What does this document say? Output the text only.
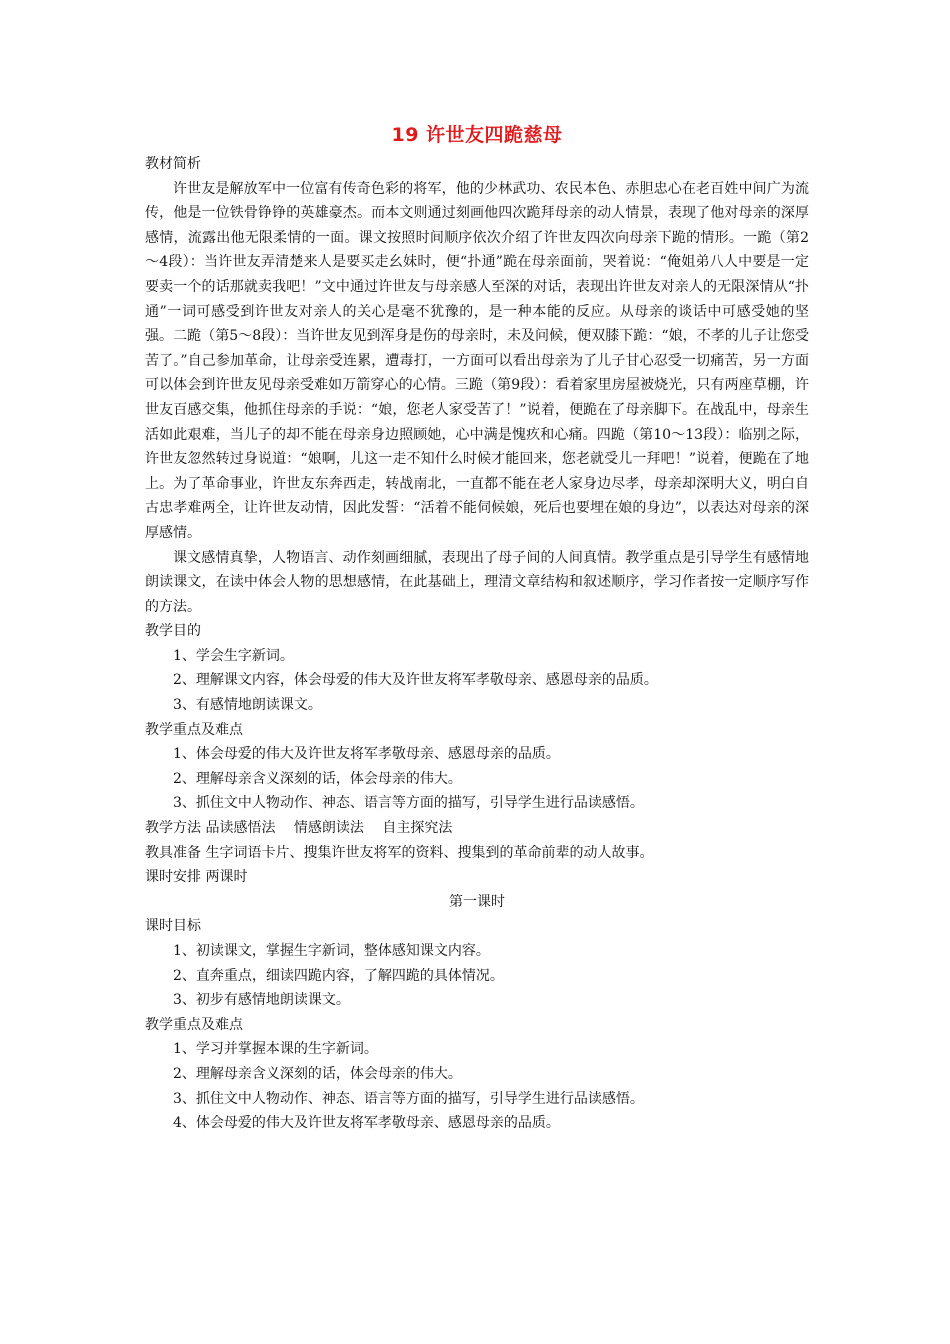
19 许世友四跪慈母

教材简析

许世友是解放军中一位富有传奇色彩的将军，他的少林武功、农民本色、赤胆忠心在老百姓中间广为流传，他是一位铁骨铮铮的英雄豪杰。而本文则通过刻画他四次跪拜母亲的动人情景，表现了他对母亲的深厚感情，流露出他无限柔情的一面。课文按照时间顺序依次介绍了许世友四次向母亲下跪的情形。一跪（第2～4段）：当许世友弄清楚来人是要买走幺妹时，便“扑通”跪在母亲面前，哭着说：“俺姐弟八人中要是一定要卖一个的话那就卖我吧！”文中通过许世友与母亲感人至深的对话，表现出许世友对亲人的无限深情从“扑通”一词可感受到许世友对亲人的关心是毫不犹豫的，是一种本能的反应。从母亲的谈话中可感受她的坚强。二跪（第5～8段）：当许世友见到浑身是伤的母亲时，未及问候，便双膝下跪：“娘，不孝的儿子让您受苦了。”自己参加革命，让母亲受连累，遭毒打，一方面可以看出母亲为了儿子甘心忍受一切痛苦，另一方面可以体会到许世友见母亲受难如万箭穿心的心情。三跪（第9段）：看着家里房屋被烧光，只有两座草棚，许世友百感交集，他抓住母亲的手说：“娘，您老人家受苦了！”说着，便跪在了母亲脚下。在战乱中，母亲生活如此艰难，当儿子的却不能在母亲身边照顾她，心中满是愧疚和心痛。四跪（第10～13段）：临别之际，许世友忽然转过身说道：“娘啊，儿这一走不知什么时候才能回来，您老就受儿一拜吧！”说着，便跪在了地上。为了革命事业，许世友东奔西走，转战南北，一直都不能在老人家身边尽孝，母亲却深明大义，明白自古忠孝难两全，让许世友动情，因此发誓：“活着不能伺候娘，死后也要埋在娘的身边”，以表达对母亲的深厚感情。

课文感情真挚，人物语言、动作刻画细腻，表现出了母子间的人间真情。教学重点是引导学生有感情地朗读课文，在读中体会人物的思想感情，在此基础上，理清文章结构和叙述顺序，学习作者按一定顺序写作的方法。

教学目的

1、学会生字新词。

2、理解课文内容，体会母爱的伟大及许世友将军孝敬母亲、感恩母亲的品质。

3、有感情地朗读课文。

教学重点及难点

1、体会母爱的伟大及许世友将军孝敬母亲、感恩母亲的品质。

2、理解母亲含义深刻的话，体会母亲的伟大。

3、抓住文中人物动作、神态、语言等方面的描写，引导学生进行品读感悟。

教学方法 品读感悟法　 情感朗读法　 自主探究法

教具准备 生字词语卡片、搜集许世友将军的资料、搜集到的革命前辈的动人故事。

课时安排 两课时

第一课时

课时目标

1、初读课文，掌握生字新词，整体感知课文内容。

2、直奔重点，细读四跪内容，了解四跪的具体情况。

3、初步有感情地朗读课文。

教学重点及难点

1、学习并掌握本课的生字新词。

2、理解母亲含义深刻的话，体会母亲的伟大。

3、抓住文中人物动作、神态、语言等方面的描写，引导学生进行品读感悟。

4、体会母爱的伟大及许世友将军孝敬母亲、感恩母亲的品质。
